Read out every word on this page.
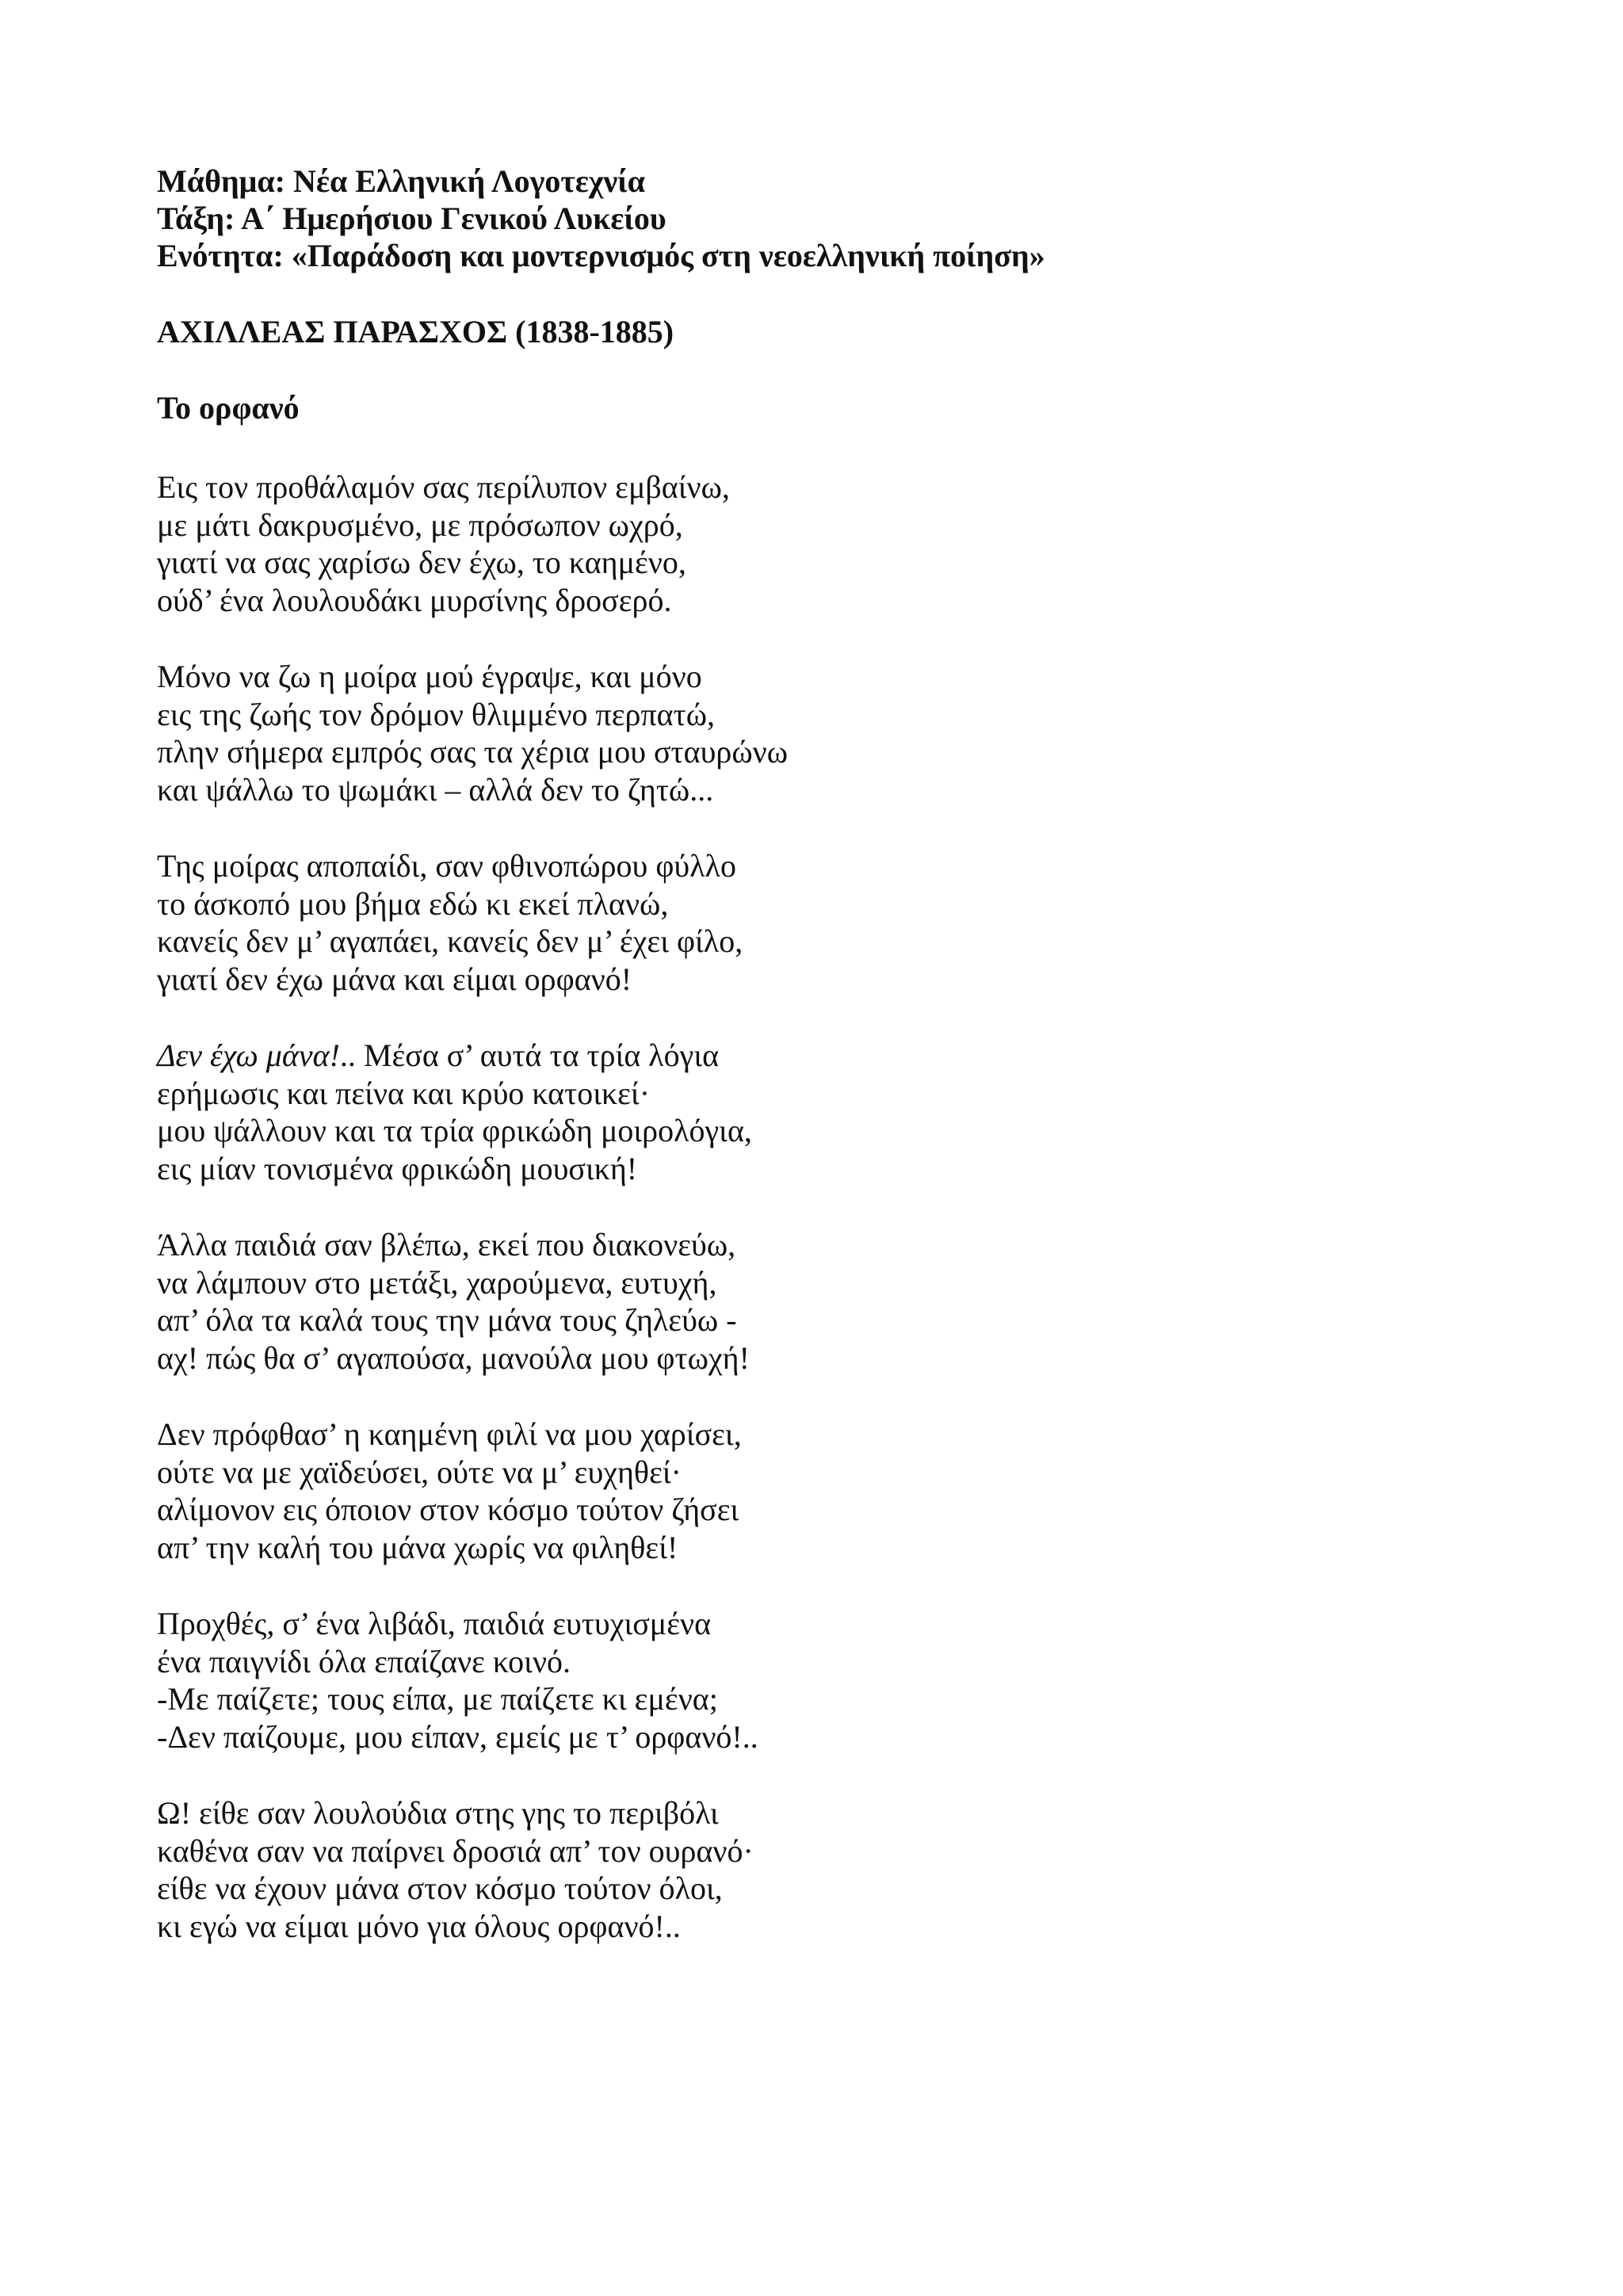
Μάθημα: Νέα Ελληνική Λογοτεχνία

Τάξη: Α΄ Ημερήσιου Γενικού Λυκείου

Ενότητα: «Παράδοση και μοντερνισμός στη νεοελληνική ποίηση»

ΑΧΙΛΛΕΑΣ ΠΑΡΑΣΧΟΣ (1838-1885)

Το ορφανό

Εις τον προθάλαμόν σας περίλυπον εμβαίνω,

με μάτι δακρυσμένο, με πρόσωπον ωχρό,

γιατί να σας χαρίσω δεν έχω, το καημένο,

ούδ’ ένα λουλουδάκι μυρσίνης δροσερό.

Μόνο να ζω η μοίρα μού έγραψε, και μόνο

εις της ζωής τον δρόμον θλιμμένο περπατώ,

πλην σήμερα εμπρός σας τα χέρια μου σταυρώνω

και ψάλλω το ψωμάκι – αλλά δεν το ζητώ...

Της μοίρας αποπαίδι, σαν φθινοπώρου φύλλο

το άσκοπό μου βήμα εδώ κι εκεί πλανώ,

κανείς δεν μ’ αγαπάει, κανείς δεν μ’ έχει φίλο,

γιατί δεν έχω μάνα και είμαι ορφανό!

Δεν έχω μάνα!.. Μέσα σ’ αυτά τα τρία λόγια

ερήμωσις και πείνα και κρύο κατοικεί·

μου ψάλλουν και τα τρία φρικώδη μοιρολόγια,

εις μίαν τονισμένα φρικώδη μουσική!

Άλλα παιδιά σαν βλέπω, εκεί που διακονεύω,

να λάμπουν στο μετάξι, χαρούμενα, ευτυχή,

απ’ όλα τα καλά τους την μάνα τους ζηλεύω -

αχ! πώς θα σ’ αγαπούσα, μανούλα μου φτωχή!

Δεν πρόφθασ’ η καημένη φιλί να μου χαρίσει,

ούτε να με χαϊδεύσει, ούτε να μ’ ευχηθεί·

αλίμονον εις όποιον στον κόσμο τούτον ζήσει

απ’ την καλή του μάνα χωρίς να φιληθεί!

Προχθές, σ’ ένα λιβάδι, παιδιά ευτυχισμένα

ένα παιγνίδι όλα επαίζανε κοινό.

-Με παίζετε; τους είπα, με παίζετε κι εμένα;

-Δεν παίζουμε, μου είπαν, εμείς με τ’ ορφανό!..

Ω! είθε σαν λουλούδια στης γης το περιβόλι

καθένα σαν να παίρνει δροσιά απ’ τον ουρανό·

είθε να έχουν μάνα στον κόσμο τούτον όλοι,

κι εγώ να είμαι μόνο για όλους ορφανό!..
